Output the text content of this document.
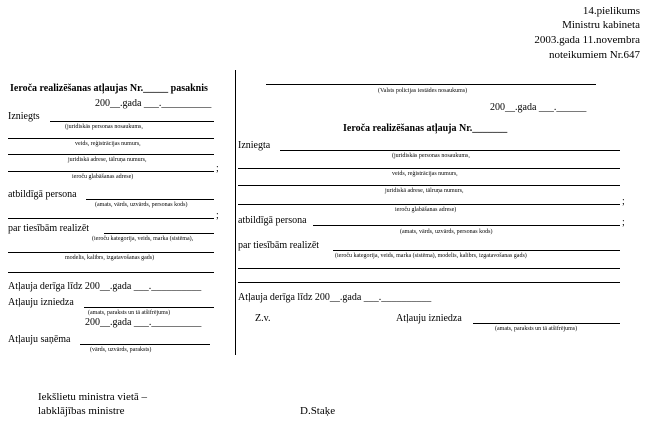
14.pielikums
Ministru kabineta
2003.gada 11.novembra
noteikumiem Nr.647
Ieroča realizēšanas atļaujas Nr._____ pasaknis
200__.gada ___.__________
Izniegts
(juridiskās personas nosaukums,
veids, reģistrācijas numurs,
juridiskā adrese, tālruņa numurs,
;
ieroču glabāšanas adrese)
atbildīgā persona
(amats, vārds, uzvārds, personas kods)
;
par tiesībām realizēt
(ieroču kategorija, veids, marka (sistēma),
modelis, kalibrs, izgatavošanas gads)
Atļauja derīga līdz 200__.gada ___.__________
Atļauju izniedza
(amats, paraksts un tā atšifrējums)
200__.gada ___.__________
Atļauju saņēma
(vārds, uzvārds, paraksts)
(Valsts policijas iestādes nosaukums)
200__.gada ___.______
Ieroča realizēšanas atļauja Nr._______
Izniegta
(juridiskās personas nosaukums,
veids, reģistrācijas numurs,
juridiskā adrese, tālruņa numurs,
;
ieroču glabāšanas adrese)
atbildīgā persona	;
(amats, vārds, uzvārds, personas kods)
par tiesībām realizēt
(ieroču kategorija, veids, marka (sistēma), modelis, kalibrs, izgatavošanas gads)
Atļauja derīga līdz 200__.gada ___.__________
Z.v.	Atļauju izniedza
(amats, paraksts un tā atšifrējums)
Iekšlietu ministra vietā –
labklājības ministre	D.Staķe
